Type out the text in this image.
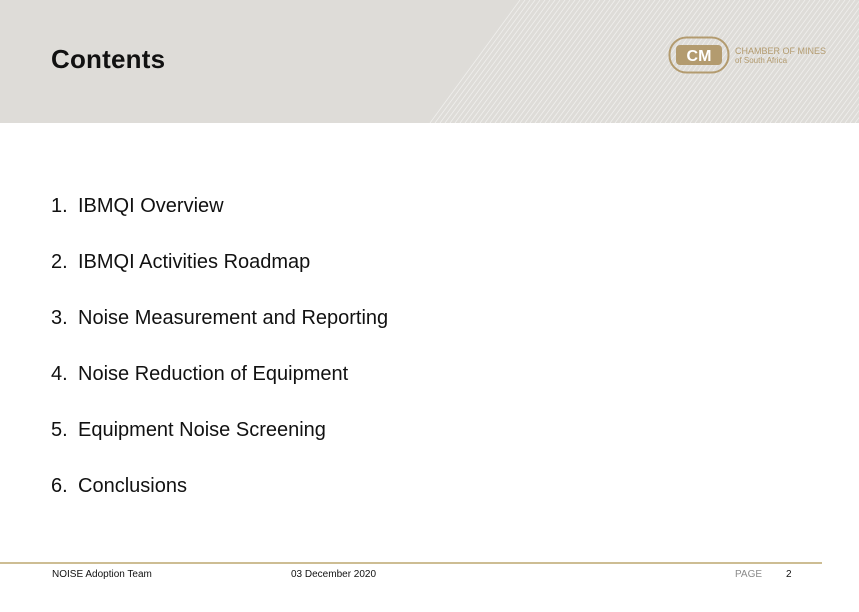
Contents	CM	CHAMBER OF MINES
of South Africa
1. IBMQI Overview
2. IBMQI Activities Roadmap
3. Noise Measurement and Reporting
4. Noise Reduction of Equipment
5. Equipment Noise Screening
6. Conclusions
NOISE Adoption Team	03 December 2020	PAGE 2
